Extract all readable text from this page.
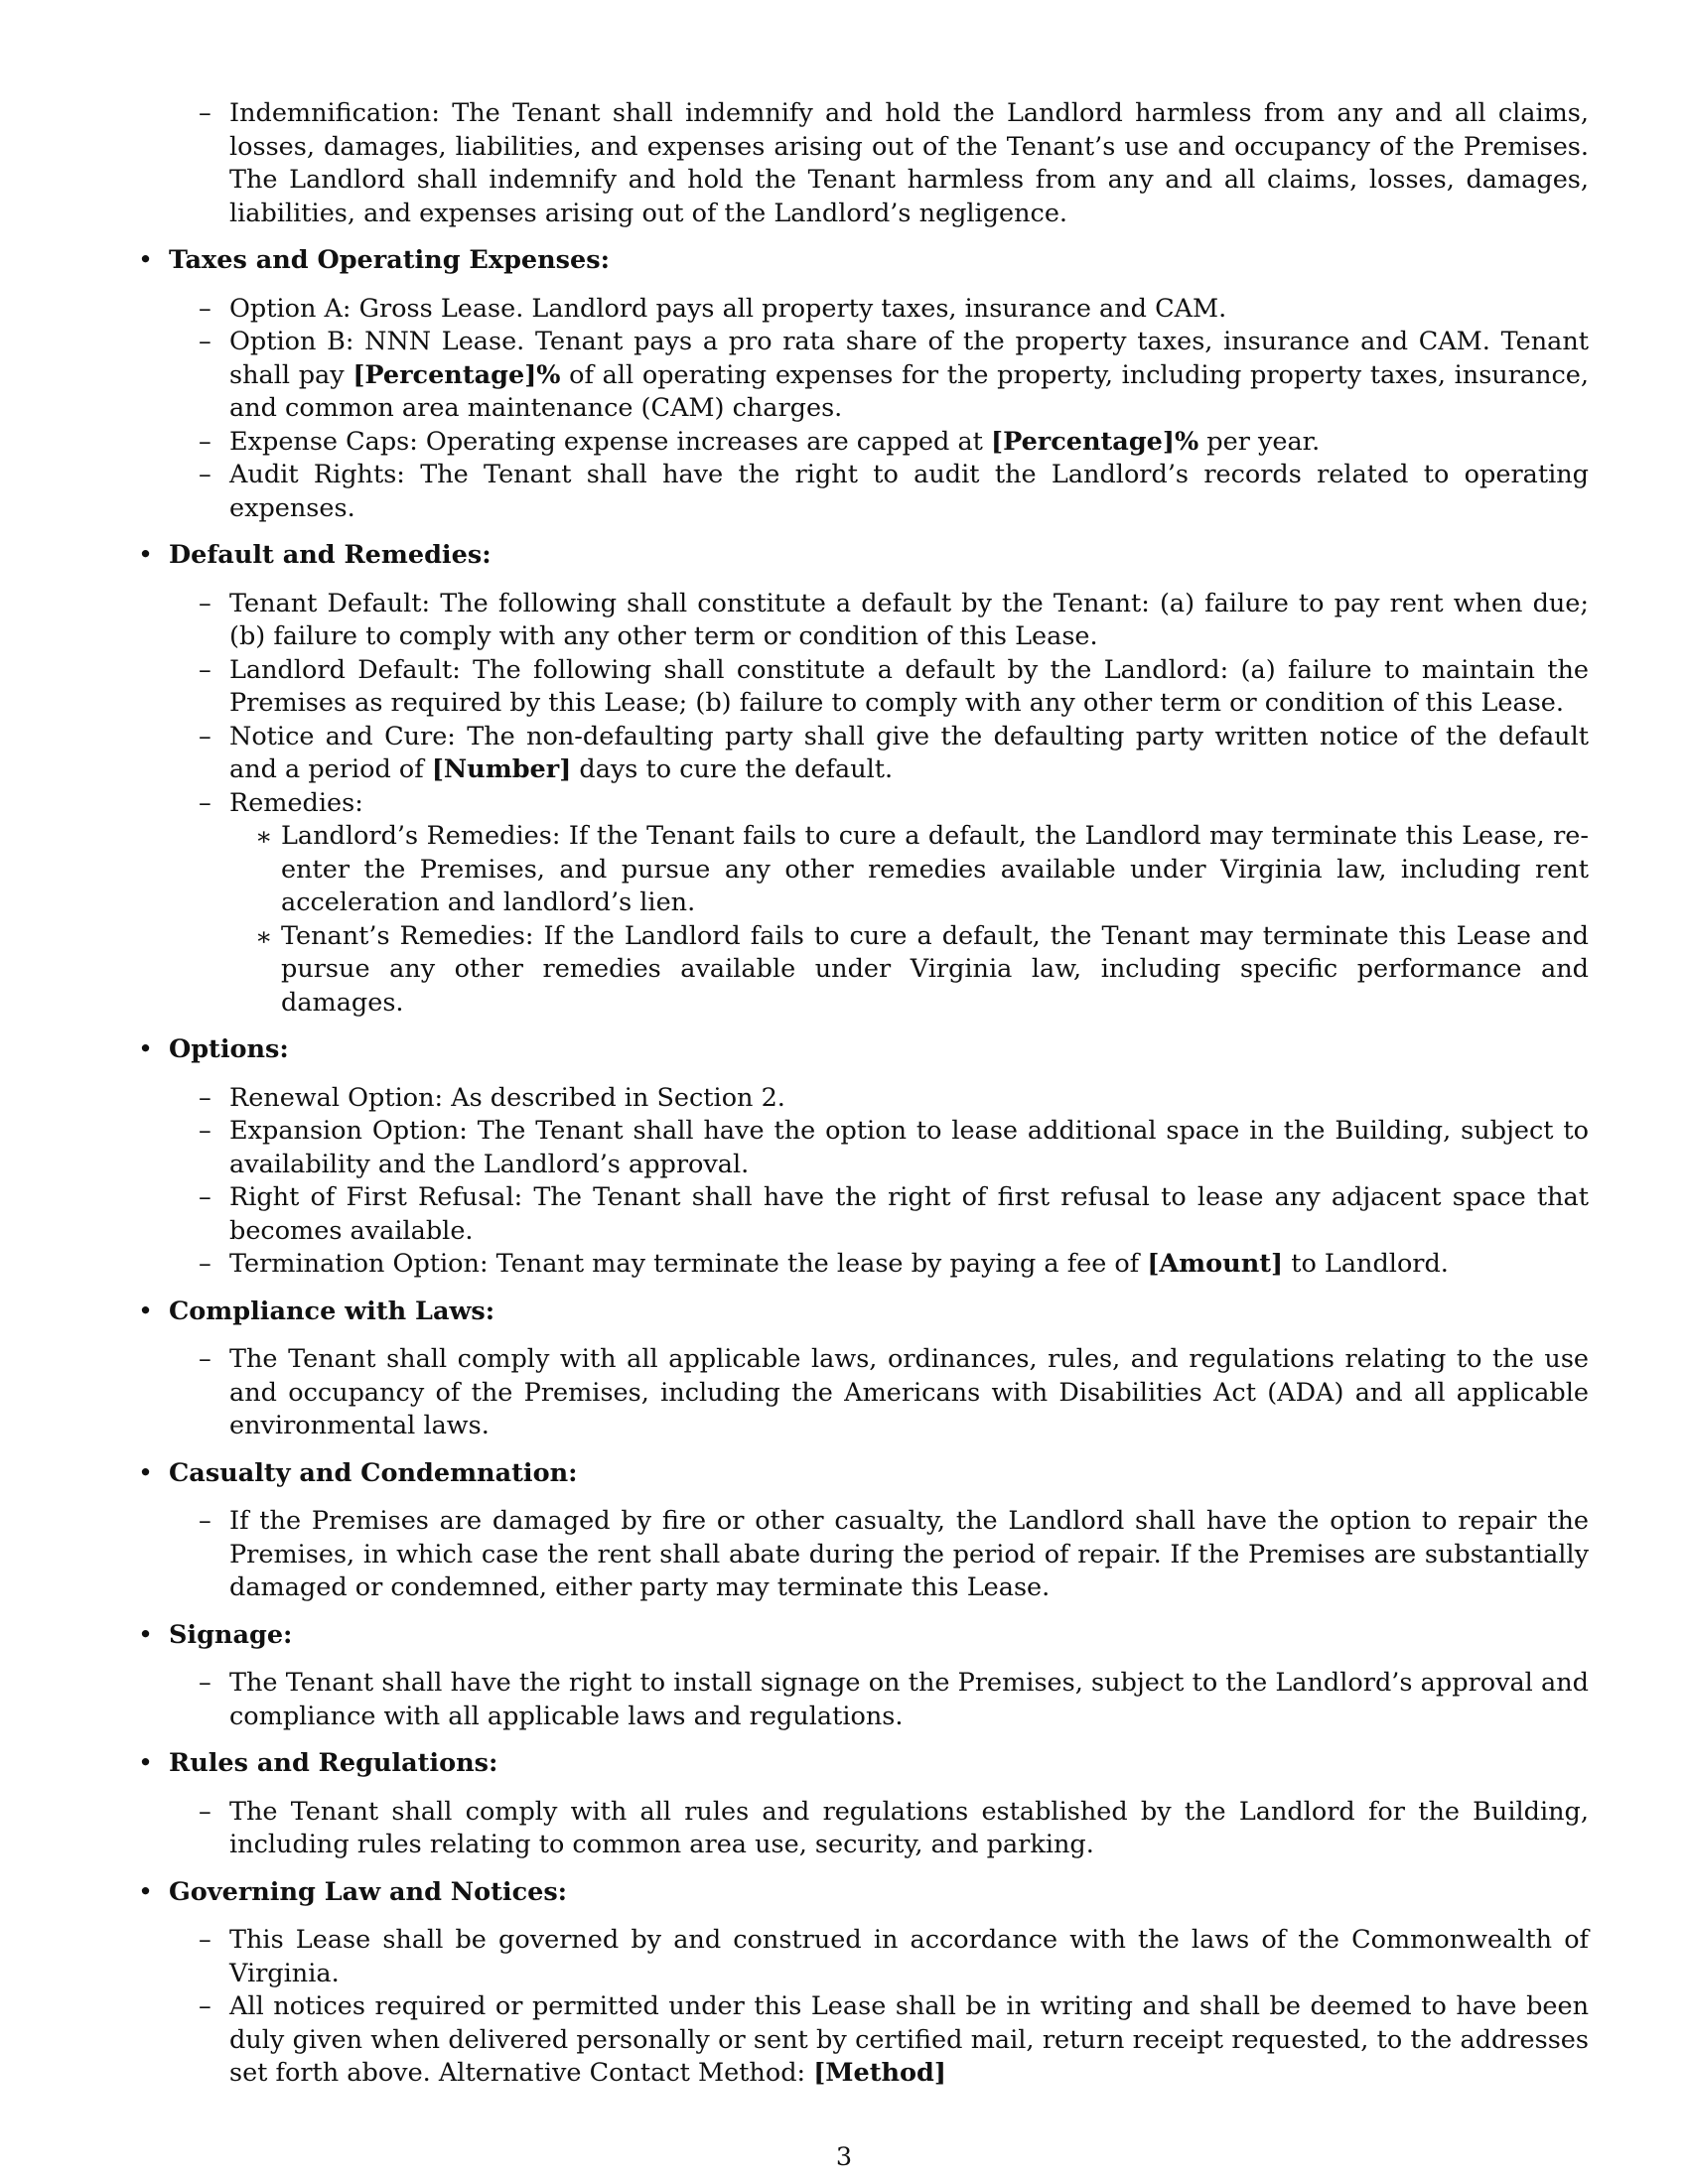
– Indemnification: The Tenant shall indemnify and hold the Landlord harmless from any and all claims, losses, damages, liabilities, and expenses arising out of the Tenant’s use and occupancy of the Premises. The Landlord shall indemnify and hold the Tenant harmless from any and all claims, losses, damages, liabilities, and expenses arising out of the Landlord’s negligence.
• Taxes and Operating Expenses:
– Option A: Gross Lease. Landlord pays all property taxes, insurance and CAM.
– Option B: NNN Lease. Tenant pays a pro rata share of the property taxes, insurance and CAM. Tenant shall pay [Percentage]% of all operating expenses for the property, including property taxes, insurance, and common area maintenance (CAM) charges.
– Expense Caps: Operating expense increases are capped at [Percentage]% per year.
– Audit Rights: The Tenant shall have the right to audit the Landlord’s records related to operating expenses.
• Default and Remedies:
– Tenant Default: The following shall constitute a default by the Tenant: (a) failure to pay rent when due; (b) failure to comply with any other term or condition of this Lease.
– Landlord Default: The following shall constitute a default by the Landlord: (a) failure to maintain the Premises as required by this Lease; (b) failure to comply with any other term or condition of this Lease.
– Notice and Cure: The non-defaulting party shall give the defaulting party written notice of the default and a period of [Number] days to cure the default.
– Remedies:
∗ Landlord’s Remedies: If the Tenant fails to cure a default, the Landlord may terminate this Lease, re-enter the Premises, and pursue any other remedies available under Virginia law, including rent acceleration and landlord’s lien.
∗ Tenant’s Remedies: If the Landlord fails to cure a default, the Tenant may terminate this Lease and pursue any other remedies available under Virginia law, including specific performance and damages.
• Options:
– Renewal Option: As described in Section 2.
– Expansion Option: The Tenant shall have the option to lease additional space in the Building, subject to availability and the Landlord’s approval.
– Right of First Refusal: The Tenant shall have the right of first refusal to lease any adjacent space that becomes available.
– Termination Option: Tenant may terminate the lease by paying a fee of [Amount] to Landlord.
• Compliance with Laws:
– The Tenant shall comply with all applicable laws, ordinances, rules, and regulations relating to the use and occupancy of the Premises, including the Americans with Disabilities Act (ADA) and all applicable environmental laws.
• Casualty and Condemnation:
– If the Premises are damaged by fire or other casualty, the Landlord shall have the option to repair the Premises, in which case the rent shall abate during the period of repair. If the Premises are substantially damaged or condemned, either party may terminate this Lease.
• Signage:
– The Tenant shall have the right to install signage on the Premises, subject to the Landlord’s approval and compliance with all applicable laws and regulations.
• Rules and Regulations:
– The Tenant shall comply with all rules and regulations established by the Landlord for the Building, including rules relating to common area use, security, and parking.
• Governing Law and Notices:
– This Lease shall be governed by and construed in accordance with the laws of the Commonwealth of Virginia.
– All notices required or permitted under this Lease shall be in writing and shall be deemed to have been duly given when delivered personally or sent by certified mail, return receipt requested, to the addresses set forth above. Alternative Contact Method: [Method]
3
